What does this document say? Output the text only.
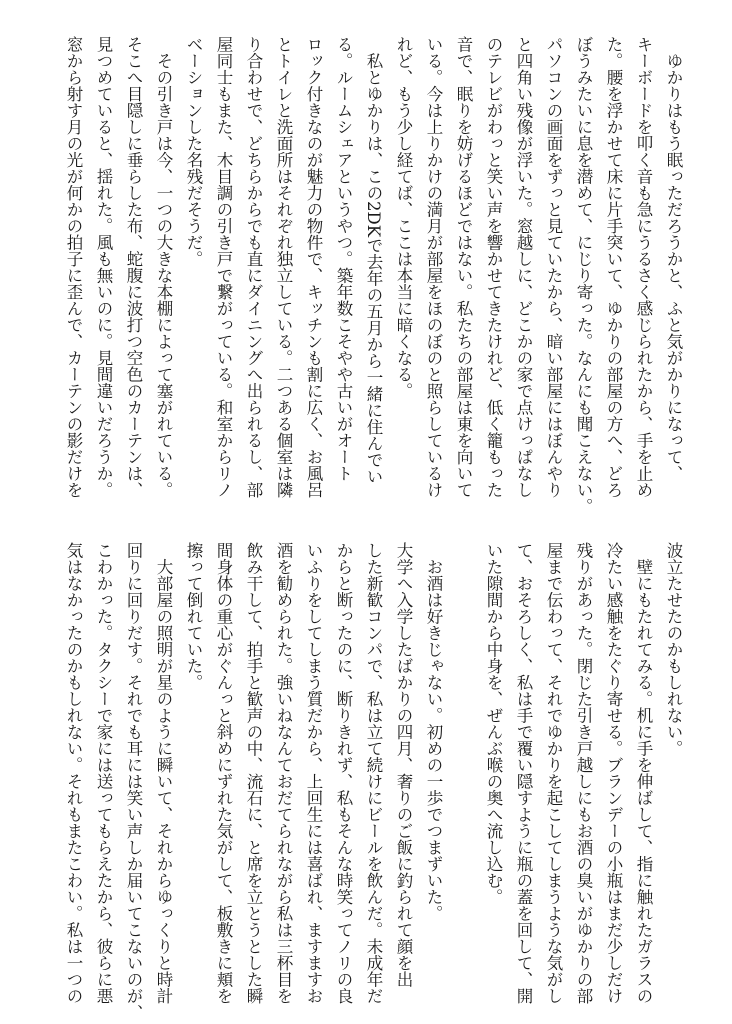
　ゆかりはもう眠っただろうかと、ふと気がかりになって、
キーボードを叩く音も急にうるさく感じられたから、手を止め
た。腰を浮かせて床に片手突いて、ゆかりの部屋の方へ、どろ
ぼうみたいに息を潜めて、にじり寄った。なんにも聞こえない。
パソコンの画面をずっと見ていたから、暗い部屋にはぼんやり
と四角い残像が浮いた。窓越しに、どこかの家で点けっぱなし
のテレビがわっと笑い声を響かせてきたけれど、低く籠もった
音で、眠りを妨げるほどではない。私たちの部屋は東を向いて
いる。今は上りかけの満月が部屋をほのぼのと照らしているけ
れど、もう少し経てば、ここは本当に暗くなる。
　私とゆかりは、この2DKで去年の五月から一緒に住んでい
る。ルームシェアというやつ。築年数こそやや古いがオート
ロック付きなのが魅力の物件で、キッチンも割に広く、お風呂
とトイレと洗面所はそれぞれ独立している。二つある個室は隣
り合わせで、どちらからでも直にダイニングへ出られるし、部
屋同士もまた、木目調の引き戸で繋がっている。和室からリノ
ベーションした名残だそうだ。
　その引き戸は今、一つの大きな本棚によって塞がれている。
そこへ目隠しに垂らした布、蛇腹に波打つ空色のカーテンは、
見つめていると、揺れた。風も無いのに。見間違いだろうか。
窓から射す月の光が何かの拍子に歪んで、カーテンの影だけを
波立たせたのかもしれない。
　壁にもたれてみる。机に手を伸ばして、指に触れたガラスの
冷たい感触をたぐり寄せる。ブランデーの小瓶はまだ少しだけ
残りがあった。閉じた引き戸越しにもお酒の臭いがゆかりの部
屋まで伝わって、それでゆかりを起こしてしまうような気がし
て、おそろしく、私は手で覆い隠すように瓶の蓋を回して、開
いた隙間から中身を、ぜんぶ喉の奥へ流し込む。
　お酒は好きじゃない。初めの一歩でつまずいた。
大学へ入学したばかりの四月、奢りのご飯に釣られて顔を出
した新歓コンパで、私は立て続けにビールを飲んだ。未成年だ
からと断ったのに、断りきれず、私もそんな時笑ってノリの良
いふりをしてしまう質だから、上回生には喜ばれ、ますますお
酒を勧められた。強いねなんておだてられながら私は三杯目を
飲み干して、拍手と歓声の中、流石に、と席を立とうとした瞬
間身体の重心がぐんっと斜めにずれた気がして、板敷きに頬を
擦って倒れていた。
　大部屋の照明が星のように瞬いて、それからゆっくりと時計
回りに回りだす。それでも耳には笑い声しか届いてこないのが、
こわかった。タクシーで家には送ってもらえたから、彼らに悪
気はなかったのかもしれない。それもまたこわい。私は一つの
